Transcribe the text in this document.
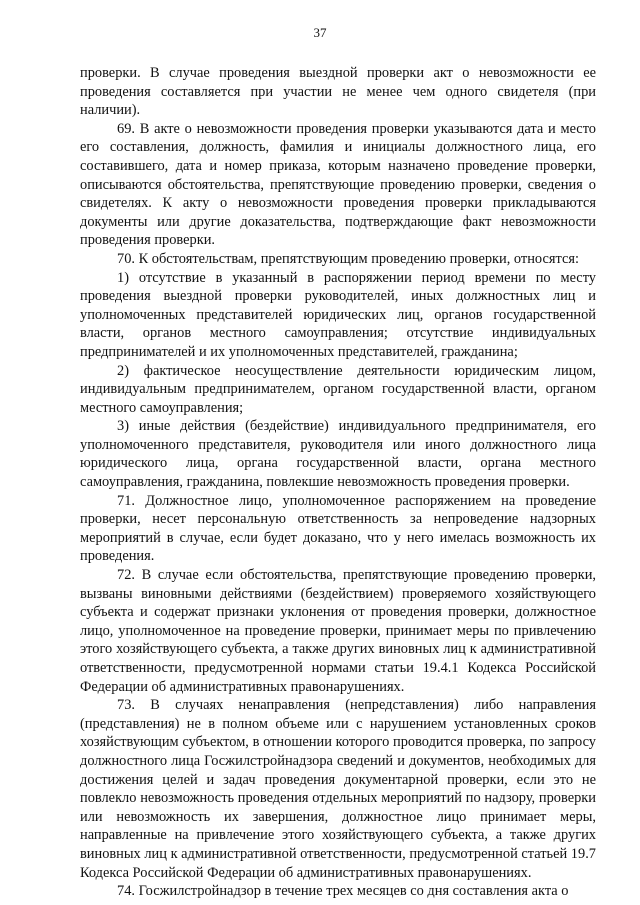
37

проверки. В случае проведения выездной проверки акт о невозможности ее проведения составляется при участии не менее чем одного свидетеля (при наличии).

69. В акте о невозможности проведения проверки указываются дата и место его составления, должность, фамилия и инициалы должностного лица, его составившего, дата и номер приказа, которым назначено проведение проверки, описываются обстоятельства, препятствующие проведению проверки, сведения о свидетелях. К акту о невозможности проведения проверки прикладываются документы или другие доказательства, подтверждающие факт невозможности проведения проверки.

70. К обстоятельствам, препятствующим проведению проверки, относятся:

1) отсутствие в указанный в распоряжении период времени по месту проведения выездной проверки руководителей, иных должностных лиц и уполномоченных представителей юридических лиц, органов государственной власти, органов местного самоуправления; отсутствие индивидуальных предпринимателей и их уполномоченных представителей, гражданина;

2) фактическое неосуществление деятельности юридическим лицом, индивидуальным предпринимателем, органом государственной власти, органом местного самоуправления;

3) иные действия (бездействие) индивидуального предпринимателя, его уполномоченного представителя, руководителя или иного должностного лица юридического лица, органа государственной власти, органа местного самоуправления, гражданина, повлекшие невозможность проведения проверки.

71. Должностное лицо, уполномоченное распоряжением на проведение проверки, несет персональную ответственность за непроведение надзорных мероприятий в случае, если будет доказано, что у него имелась возможность их проведения.

72. В случае если обстоятельства, препятствующие проведению проверки, вызваны виновными действиями (бездействием) проверяемого хозяйствующего субъекта и содержат признаки уклонения от проведения проверки, должностное лицо, уполномоченное на проведение проверки, принимает меры по привлечению этого хозяйствующего субъекта, а также других виновных лиц к административной ответственности, предусмотренной нормами статьи 19.4.1 Кодекса Российской Федерации об административных правонарушениях.

73. В случаях ненаправления (непредставления) либо направления (представления) не в полном объеме или с нарушением установленных сроков хозяйствующим субъектом, в отношении которого проводится проверка, по запросу должностного лица Госжилстройнадзора сведений и документов, необходимых для достижения целей и задач проведения документарной проверки, если это не повлекло невозможность проведения отдельных мероприятий по надзору, проверки или невозможность их завершения, должностное лицо принимает меры, направленные на привлечение этого хозяйствующего субъекта, а также других виновных лиц к административной ответственности, предусмотренной статьей 19.7 Кодекса Российской Федерации об административных правонарушениях.

74. Госжилстройнадзор в течение трех месяцев со дня составления акта о
